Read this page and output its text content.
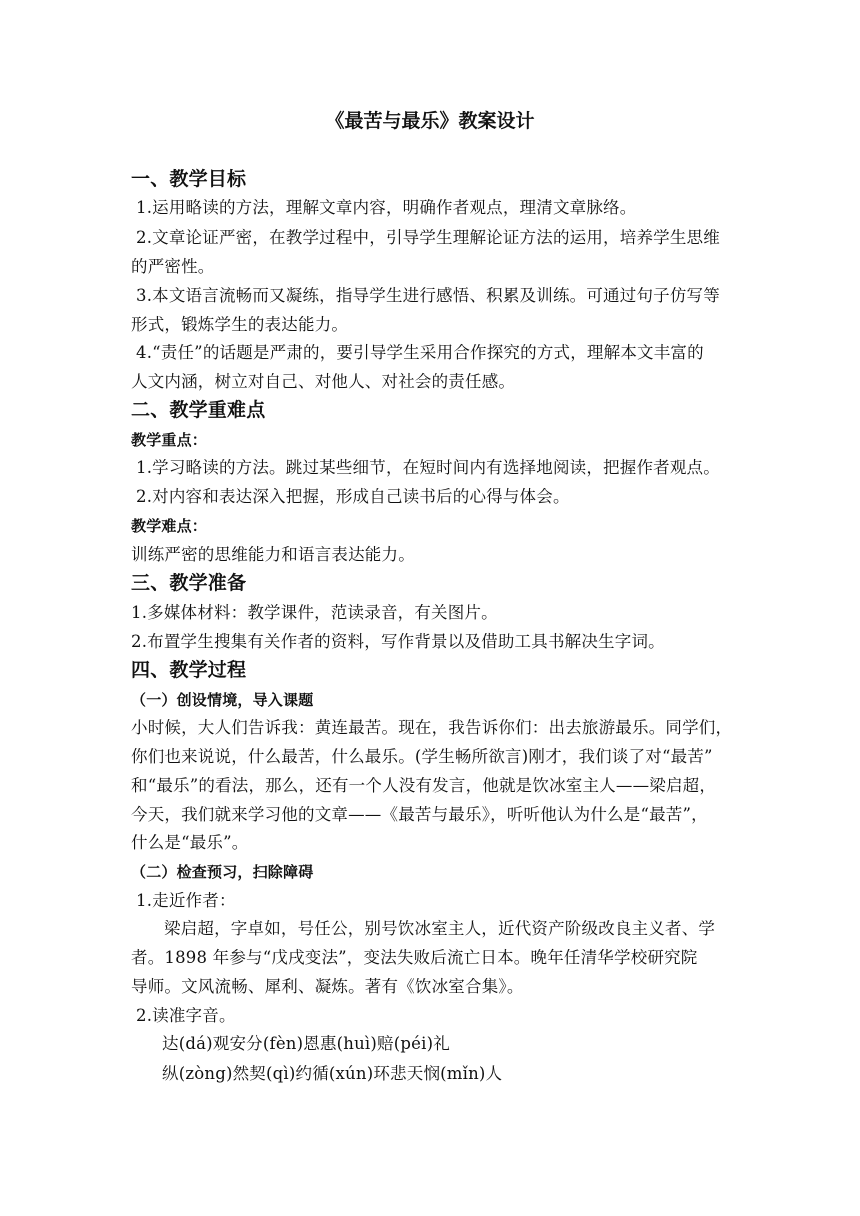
《最苦与最乐》教案设计
一、教学目标
1.运用略读的方法，理解文章内容，明确作者观点，理清文章脉络。
2.文章论证严密，在教学过程中，引导学生理解论证方法的运用，培养学生思维
的严密性。
3.本文语言流畅而又凝练，指导学生进行感悟、积累及训练。可通过句子仿写等
形式，锻炼学生的表达能力。
4.“责任”的话题是严肃的，要引导学生采用合作探究的方式，理解本文丰富的
人文内涵，树立对自己、对他人、对社会的责任感。
二、教学重难点
教学重点：
1.学习略读的方法。跳过某些细节，在短时间内有选择地阅读，把握作者观点。
2.对内容和表达深入把握，形成自己读书后的心得与体会。
教学难点：
训练严密的思维能力和语言表达能力。
三、教学准备
1.多媒体材料：教学课件，范读录音，有关图片。
2.布置学生搜集有关作者的资料，写作背景以及借助工具书解决生字词。
四、教学过程
（一）创设情境，导入课题
小时候，大人们告诉我：黄连最苦。现在，我告诉你们：出去旅游最乐。同学们，
你们也来说说，什么最苦，什么最乐。(学生畅所欲言)刚才，我们谈了对“最苦”
和“最乐”的看法，那么，还有一个人没有发言，他就是饮冰室主人——梁启超，
今天，我们就来学习他的文章——《最苦与最乐》，听听他认为什么是“最苦”，
什么是“最乐”。
（二）检查预习，扫除障碍
1.走近作者：
梁启超，字卓如，号任公，别号饮冰室主人，近代资产阶级改良主义者、学
者。1898 年参与“戊戌变法”，变法失败后流亡日本。晚年任清华学校研究院
导师。文风流畅、犀利、凝炼。著有《饮冰室合集》。
2.读准字音。
达(dá)观安分(fèn)恩惠(huì)赔(péi)礼
纵(zòng)然契(qì)约循(xún)环悲天悯(mǐn)人
